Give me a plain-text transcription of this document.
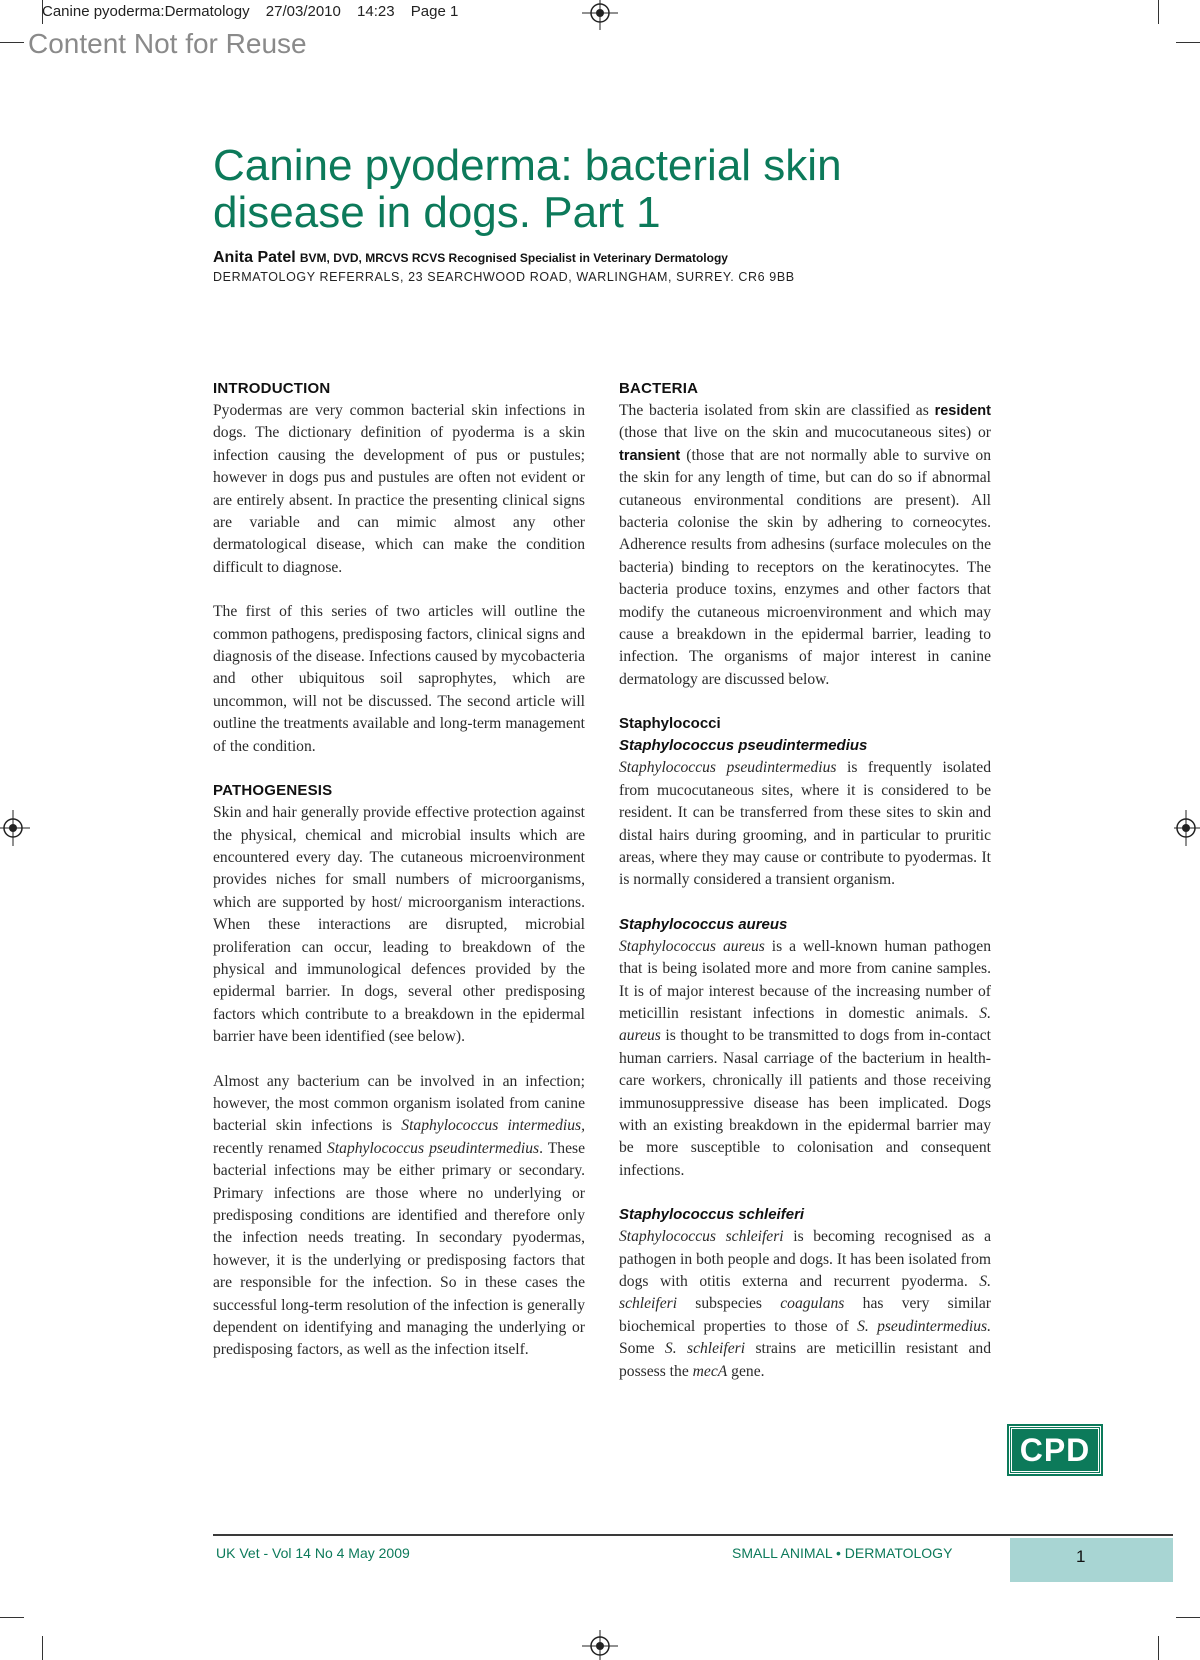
Canine pyoderma:Dermatology 27/03/2010 14:23 Page 1
Content Not for Reuse
Canine pyoderma: bacterial skin disease in dogs. Part 1
Anita Patel BVM, DVD, MRCVS RCVS Recognised Specialist in Veterinary Dermatology
DERMATOLOGY REFERRALS, 23 SEARCHWOOD ROAD, WARLINGHAM, SURREY. CR6 9BB
INTRODUCTION

Pyodermas are very common bacterial skin infections in dogs. The dictionary definition of pyoderma is a skin infection causing the development of pus or pustules; however in dogs pus and pustules are often not evident or are entirely absent. In practice the presenting clinical signs are variable and can mimic almost any other dermatological disease, which can make the condition difficult to diagnose.

The first of this series of two articles will outline the common pathogens, predisposing factors, clinical signs and diagnosis of the disease. Infections caused by mycobacteria and other ubiquitous soil saprophytes, which are uncommon, will not be discussed. The second article will outline the treatments available and long-term management of the condition.

PATHOGENESIS

Skin and hair generally provide effective protection against the physical, chemical and microbial insults which are encountered every day. The cutaneous microenvironment provides niches for small numbers of microorganisms, which are supported by host/ microorganism interactions. When these interactions are disrupted, microbial proliferation can occur, leading to breakdown of the physical and immunological defences provided by the epidermal barrier. In dogs, several other predisposing factors which contribute to a breakdown in the epidermal barrier have been identified (see below).

Almost any bacterium can be involved in an infection; however, the most common organism isolated from canine bacterial skin infections is Staphylococcus intermedius, recently renamed Staphylococcus pseudintermedius. These bacterial infections may be either primary or secondary. Primary infections are those where no underlying or predisposing conditions are identified and therefore only the infection needs treating. In secondary pyodermas, however, it is the underlying or predisposing factors that are responsible for the infection. So in these cases the successful long-term resolution of the infection is generally dependent on identifying and managing the underlying or predisposing factors, as well as the infection itself.

BACTERIA

The bacteria isolated from skin are classified as resident (those that live on the skin and mucocutaneous sites) or transient (those that are not normally able to survive on the skin for any length of time, but can do so if abnormal cutaneous environmental conditions are present). All bacteria colonise the skin by adhering to corneocytes. Adherence results from adhesins (surface molecules on the bacteria) binding to receptors on the keratinocytes. The bacteria produce toxins, enzymes and other factors that modify the cutaneous microenvironment and which may cause a breakdown in the epidermal barrier, leading to infection. The organisms of major interest in canine dermatology are discussed below.

Staphylococci
Staphylococcus pseudintermedius

Staphylococcus pseudintermedius is frequently isolated from mucocutaneous sites, where it is considered to be resident. It can be transferred from these sites to skin and distal hairs during grooming, and in particular to pruritic areas, where they may cause or contribute to pyodermas. It is normally considered a transient organism.

Staphylococcus aureus

Staphylococcus aureus is a well-known human pathogen that is being isolated more and more from canine samples. It is of major interest because of the increasing number of meticillin resistant infections in domestic animals. S. aureus is thought to be transmitted to dogs from in-contact human carriers. Nasal carriage of the bacterium in health-care workers, chronically ill patients and those receiving immunosuppressive disease has been implicated. Dogs with an existing breakdown in the epidermal barrier may be more susceptible to colonisation and consequent infections.

Staphylococcus schleiferi

Staphylococcus schleiferi is becoming recognised as a pathogen in both people and dogs. It has been isolated from dogs with otitis externa and recurrent pyoderma. S. schleiferi subspecies coagulans has very similar biochemical properties to those of S. pseudintermedius. Some S. schleiferi strains are meticillin resistant and possess the mecA gene.

CPD
UK Vet - Vol 14 No 4 May 2009	SMALL ANIMAL • DERMATOLOGY	1
